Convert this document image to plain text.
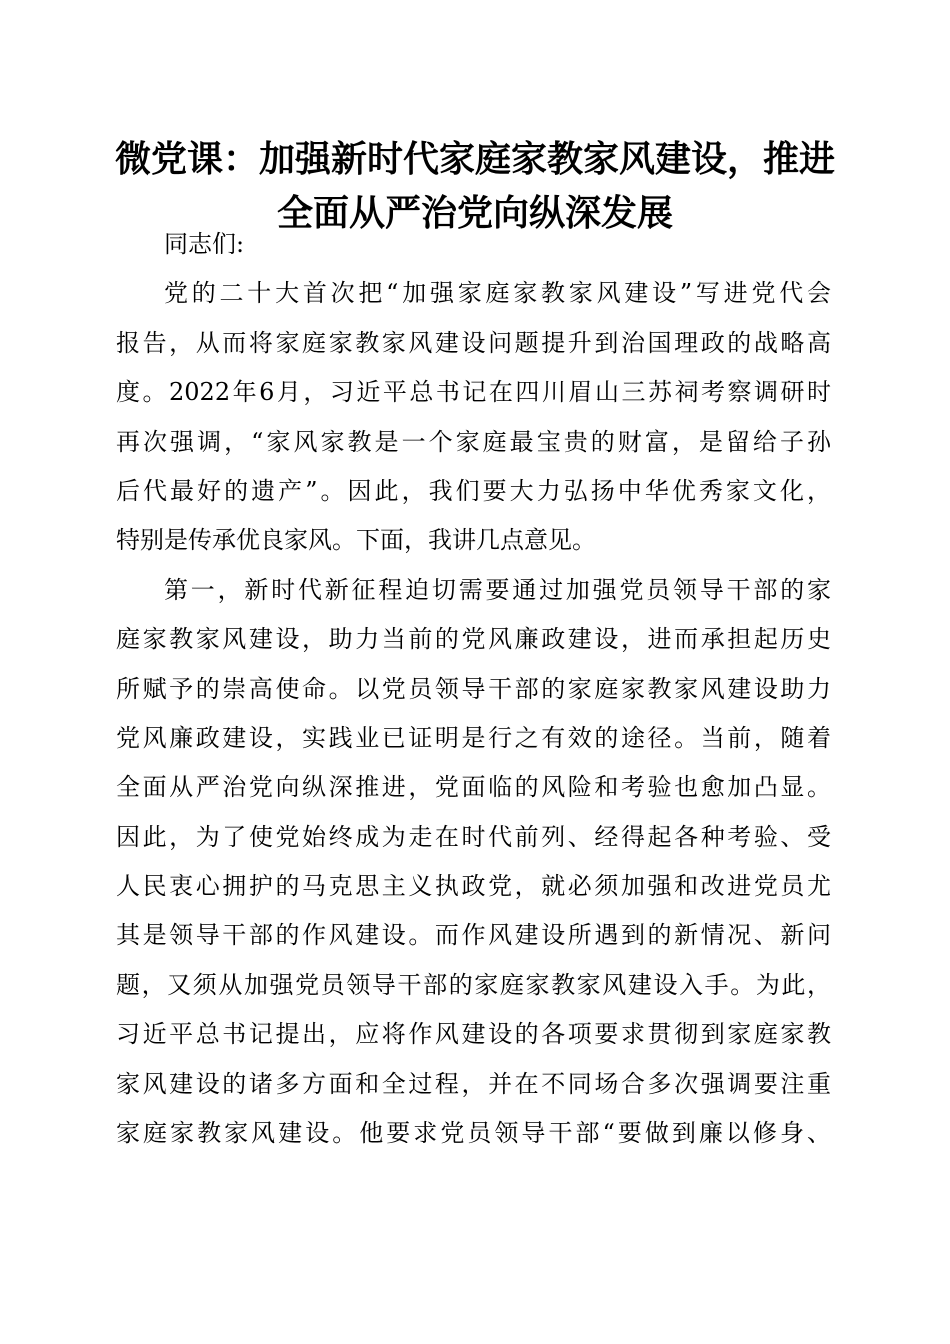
微党课：加强新时代家庭家教家风建设，推进
全面从严治党向纵深发展
同志们:
党的二十大首次把“加强家庭家教家风建设”写进党代会
报告，从而将家庭家教家风建设问题提升到治国理政的战略高
度。2022年6月，习近平总书记在四川眉山三苏祠考察调研时
再次强调，“家风家教是一个家庭最宝贵的财富，是留给子孙
后代最好的遗产”。因此，我们要大力弘扬中华优秀家文化，
特别是传承优良家风。下面，我讲几点意见。
第一，新时代新征程迫切需要通过加强党员领导干部的家
庭家教家风建设，助力当前的党风廉政建设，进而承担起历史
所赋予的崇高使命。以党员领导干部的家庭家教家风建设助力
党风廉政建设，实践业已证明是行之有效的途径。当前，随着
全面从严治党向纵深推进，党面临的风险和考验也愈加凸显。
因此，为了使党始终成为走在时代前列、经得起各种考验、受
人民衷心拥护的马克思主义执政党，就必须加强和改进党员尤
其是领导干部的作风建设。而作风建设所遇到的新情况、新问
题，又须从加强党员领导干部的家庭家教家风建设入手。为此，
习近平总书记提出，应将作风建设的各项要求贯彻到家庭家教
家风建设的诸多方面和全过程，并在不同场合多次强调要注重
家庭家教家风建设。他要求党员领导干部“要做到廉以修身、
